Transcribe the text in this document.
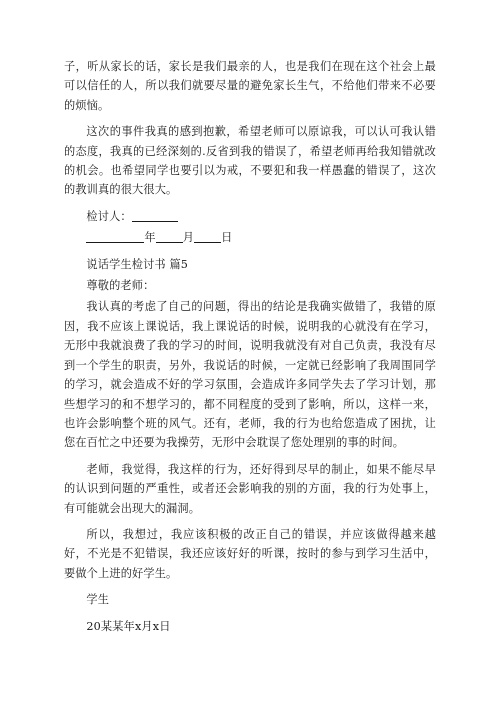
子，听从家长的话，家长是我们最亲的人，也是我们在现在这个社会上最可以信任的人，所以我们就要尽量的避免家长生气，不给他们带来不必要的烦恼。

这次的事件我真的感到抱歉，希望老师可以原谅我，可以认可我认错的态度，我真的已经深刻的.反省到我的错误了，希望老师再给我知错就改的机会。也希望同学也要引以为戒，不要犯和我一样愚蠢的错误了，这次的教训真的很大很大。

检讨人：

年 月 日

说话学生检讨书 篇5

尊敬的老师：

我认真的考虑了自己的问题，得出的结论是我确实做错了，我错的原因，我不应该上课说话，我上课说话的时候，说明我的心就没有在学习，无形中我就浪费了我的学习的时间，说明我就没有对自己负责，我没有尽到一个学生的职责，另外，我说话的时候，一定就已经影响了我周围同学的学习，就会造成不好的学习氛围，会造成许多同学失去了学习计划，那些想学习的和不想学习的，都不同程度的受到了影响，所以，这样一来，也许会影响整个班的风气。还有，老师，我的行为也给您造成了困扰，让您在百忙之中还要为我操劳，无形中会耽误了您处理别的事的时间。

老师，我觉得，我这样的行为，还好得到尽早的制止，如果不能尽早的认识到问题的严重性，或者还会影响我的别的方面，我的行为处事上，有可能就会出现大的漏洞。

所以，我想过，我应该积极的改正自己的错误，并应该做得越来越好，不光是不犯错误，我还应该好好的听课，按时的参与到学习生活中，要做个上进的好学生。

学生

20某某年x月x日
